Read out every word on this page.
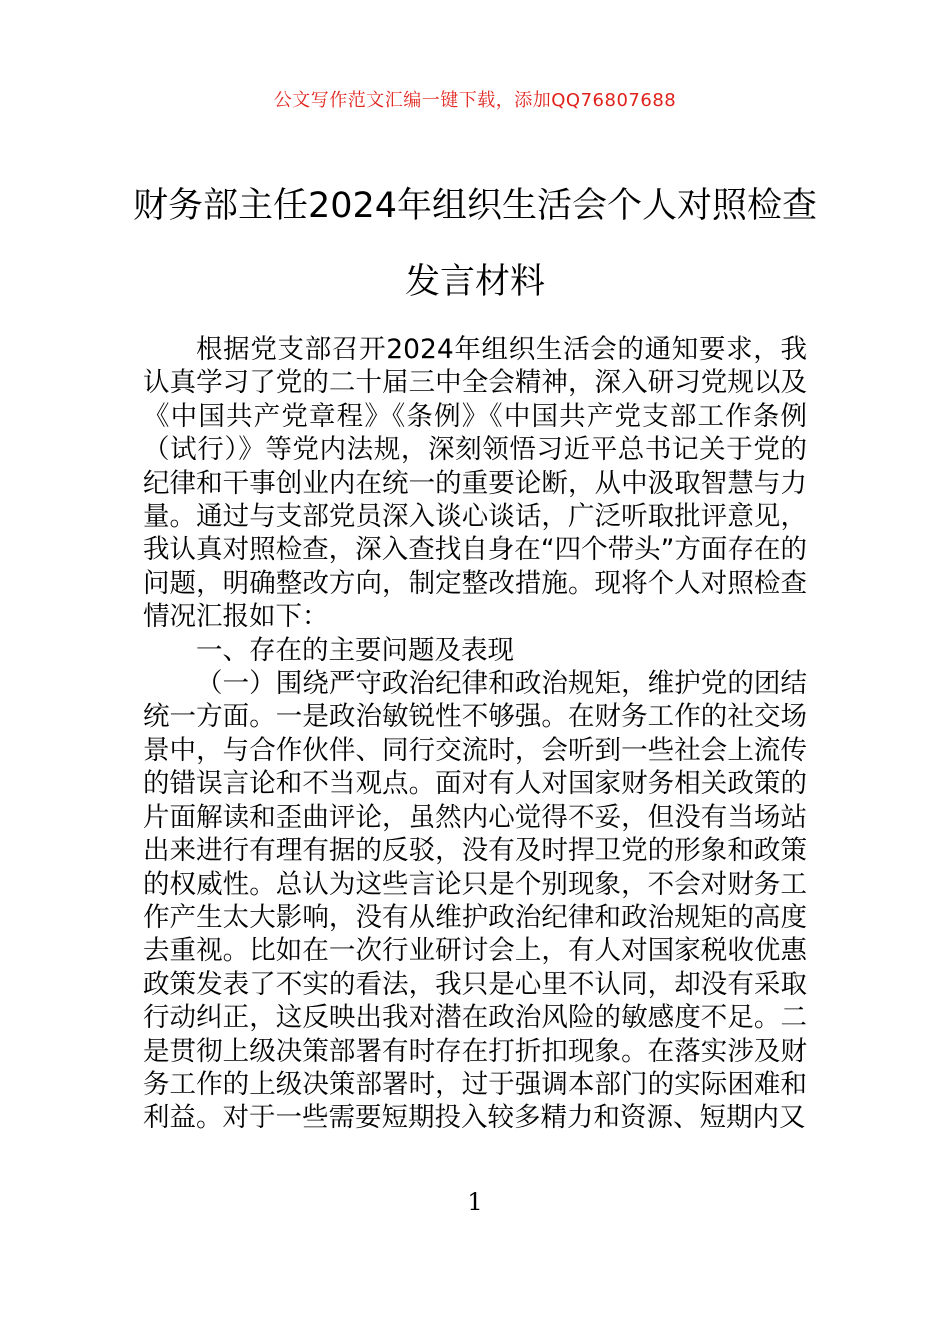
公文写作范文汇编一键下载，添加QQ76807688
财务部主任2024年组织生活会个人对照检查发言材料

根据党支部召开2024年组织生活会的通知要求，我认真学习了党的二十届三中全会精神，深入研习党规以及《中国共产党章程》《条例》《中国共产党支部工作条例（试行）》等党内法规，深刻领悟习近平总书记关于党的纪律和干事创业内在统一的重要论断，从中汲取智慧与力量。通过与支部党员深入谈心谈话，广泛听取批评意见，我认真对照检查，深入查找自身在“四个带头”方面存在的问题，明确整改方向，制定整改措施。现将个人对照检查情况汇报如下：

一、存在的主要问题及表现

（一）围绕严守政治纪律和政治规矩，维护党的团结统一方面。一是政治敏锐性不够强。在财务工作的社交场景中，与合作伙伴、同行交流时，会听到一些社会上流传的错误言论和不当观点。面对有人对国家财务相关政策的片面解读和歪曲评论，虽然内心觉得不妥，但没有当场站出来进行有理有据的反驳，没有及时捍卫党的形象和政策的权威性。总认为这些言论只是个别现象，不会对财务工作产生太大影响，没有从维护政治纪律和政治规矩的高度去重视。比如在一次行业研讨会上，有人对国家税收优惠政策发表了不实的看法，我只是心里不认同，却没有采取行动纠正，这反映出我对潜在政治风险的敏感度不足。二是贯彻上级决策部署有时存在打折扣现象。在落实涉及财务工作的上级决策部署时，过于强调本部门的实际困难和利益。对于一些需要短期投入较多精力和资源、短期内又

1
